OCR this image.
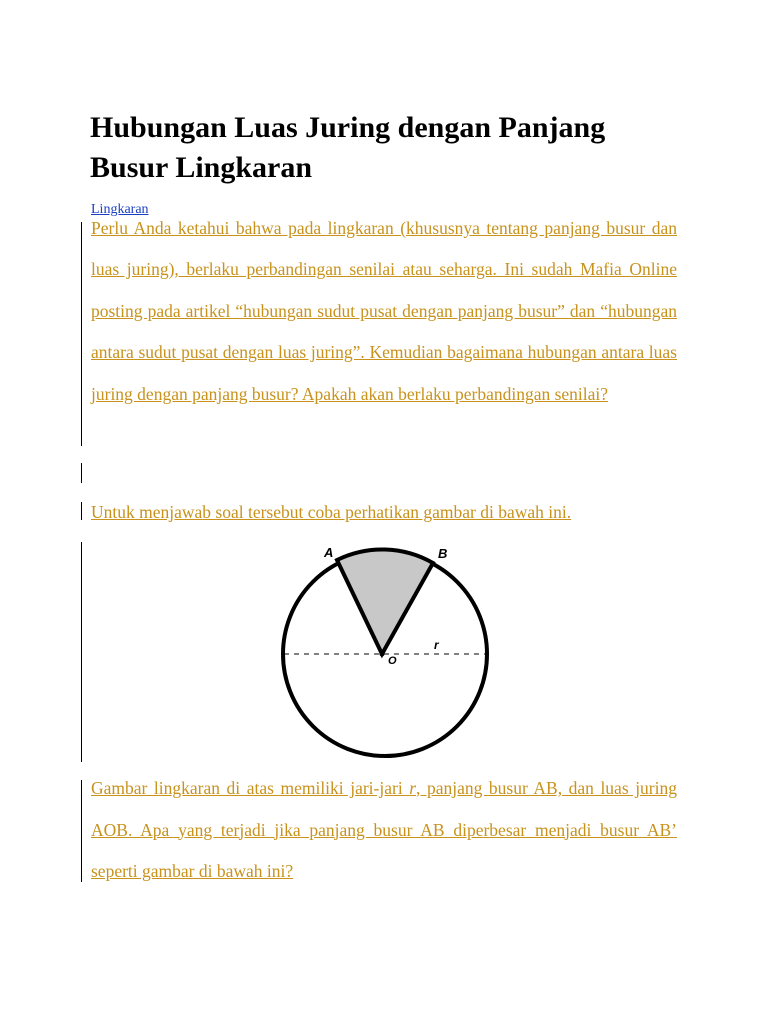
Hubungan Luas Juring dengan Panjang Busur Lingkaran
Lingkaran

Perlu Anda ketahui bahwa pada lingkaran (khususnya tentang panjang busur dan luas juring), berlaku perbandingan senilai atau seharga. Ini sudah Mafia Online posting pada artikel “hubungan sudut pusat dengan panjang busur” dan “hubungan antara sudut pusat dengan luas juring”. Kemudian bagaimana hubungan antara luas juring dengan panjang busur? Apakah akan berlaku perbandingan senilai?

Untuk menjawab soal tersebut coba perhatikan gambar di bawah ini.

A	B
O
r

Gambar lingkaran di atas memiliki jari-jari r, panjang busur AB, dan luas juring AOB. Apa yang terjadi jika panjang busur AB diperbesar menjadi busur AB’ seperti gambar di bawah ini?
